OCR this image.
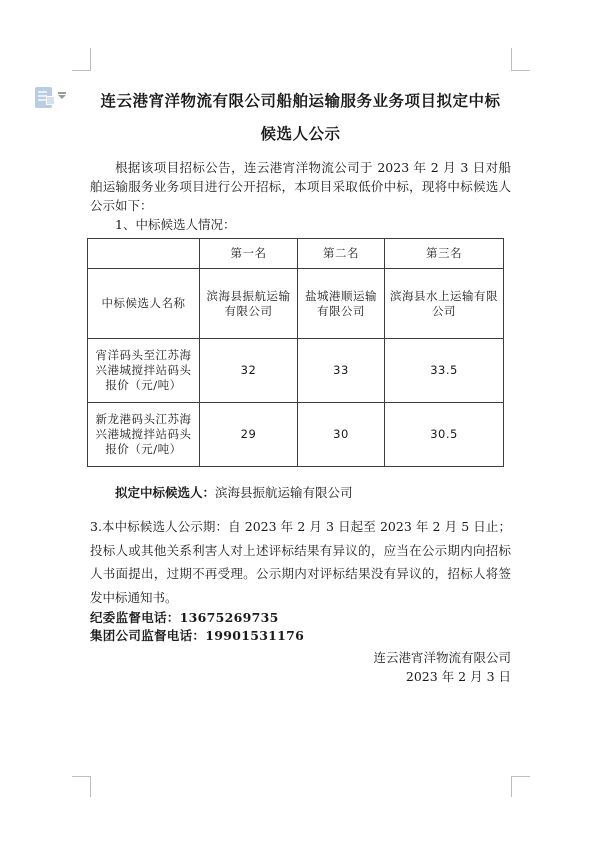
连云港宵洋物流有限公司船舶运输服务业务项目拟定中标
候选人公示

根据该项目招标公告，连云港宵洋物流公司于 2023 年 2 月 3 日对船舶运输服务业务项目进行公开招标，本项目采取低价中标，现将中标候选人公示如下：

1、中标候选人情况：

	第一名	第二名	第三名
中标候选人名称	滨海县振航运输有限公司	盐城港顺运输有限公司	滨海县水上运输有限公司
宵洋码头至江苏海兴港城搅拌站码头报价（元/吨）	32	33	33.5
新龙港码头江苏海兴港城搅拌站码头报价（元/吨）	29	30	30.5

拟定中标候选人：滨海县振航运输有限公司

3.本中标候选人公示期：自 2023 年 2 月 3 日起至 2023 年 2 月 5 日止；投标人或其他关系利害人对上述评标结果有异议的，应当在公示期内向招标人书面提出，过期不再受理。公示期内对评标结果没有异议的，招标人将签发中标通知书。

纪委监督电话：13675269735

集团公司监督电话：19901531176

连云港宵洋物流有限公司
2023 年 2 月 3 日
